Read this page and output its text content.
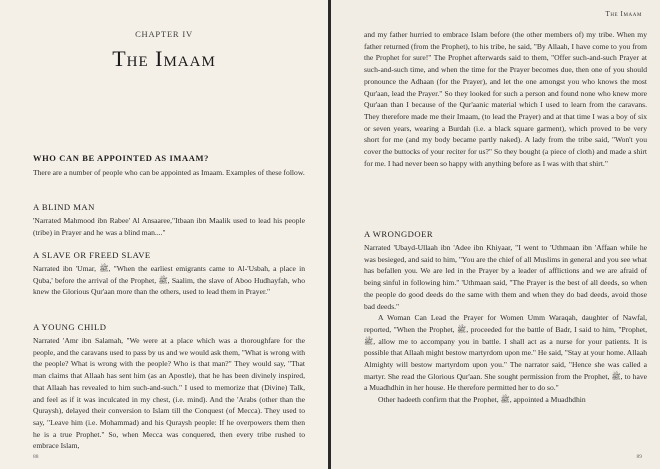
CHAPTER IV
The Imaam
WHO CAN BE APPOINTED AS IMAAM?

There are a number of people who can be appointed as Imaam. Examples of these follow.

A BLIND MAN

'Narrated Mahmood ibn Rabee' Al Ansaaree,"Itbaan ibn Maalik used to lead his people (tribe) in Prayer and he was a blind man...."

A SLAVE OR FREED SLAVE

Narrated ibn 'Umar, ﷺ, "When the earliest emigrants came to Al-'Usbah, a place in Quba,' before the arrival of the Prophet, ﷺ, Saalim, the slave of Aboo Hudhayfah, who knew the Glorious Qur'aan more than the others, used to lead them in Prayer."

A YOUNG CHILD

Narrated 'Amr ibn Salamah, "We were at a place which was a thoroughfare for the people, and the caravans used to pass by us and we would ask them, "What is wrong with the people? What is wrong with the people? Who is that man?" They would say, "That man claims that Allaah has sent him (as an Apostle), that he has been divinely inspired, that Allaah has revealed to him such-and-such." I used to memorize that (Divine) Talk, and feel as if it was inculcated in my chest, (i.e. mind). And the 'Arabs (other than the Quraysh), delayed their conversion to Islam till the Conquest (of Mecca). They used to say, "Leave him (i.e. Mohammad) and his Quraysh people: If he overpowers them then he is a true Prophet." So, when Mecca was conquered, then every tribe rushed to embrace Islam,

88
The Imaam

and my father hurried to embrace Islam before (the other members of) my tribe. When my father returned (from the Prophet), to his tribe, he said, "By Allaah, I have come to you from the Prophet for sure!" The Prophet afterwards said to them, "Offer such-and-such Prayer at such-and-such time, and when the time for the Prayer becomes due, then one of you should pronounce the Adhaan (for the Prayer), and let the one amongst you who knows the most Qur'aan, lead the Prayer." So they looked for such a person and found none who knew more Qur'aan than I because of the Qur'aanic material which I used to learn from the caravans. They therefore made me their Imaam, (to lead the Prayer) and at that time I was a boy of six or seven years, wearing a Burdah (i.e. a black square garment), which proved to be very short for me (and my body became partly naked). A lady from the tribe said, "Won't you cover the buttocks of your reciter for us?" So they bought (a piece of cloth) and made a shirt for me. I had never been so happy with anything before as I was with that shirt."

A WRONGDOER

Narrated 'Ubayd-Ullaah ibn 'Adee ibn Khiyaar, "I went to 'Uthmaan ibn 'Affaan while he was besieged, and said to him, "You are the chief of all Muslims in general and you see what has befallen you. We are led in the Prayer by a leader of afflictions and we are afraid of being sinful in following him." 'Uthmaan said, "The Prayer is the best of all deeds, so when the people do good deeds do the same with them and when they do bad deeds, avoid those bad deeds."

A Woman Can Lead the Prayer for Women Umm Waraqah, daughter of Nawfal, reported, "When the Prophet, ﷺ, proceeded for the battle of Badr, I said to him, "Prophet, ﷺ, allow me to accompany you in battle. I shall act as a nurse for your patients. It is possible that Allaah might bestow martyrdom upon me." He said, "Stay at your home. Allaah Almighty will bestow martyrdom upon you." The narrator said, "Hence she was called a martyr. She read the Glorious Qur'aan. She sought permission from the Prophet, ﷺ, to have a Muadhdhin in her house. He therefore permitted her to do so."

Other hadeeth confirm that the Prophet, ﷺ, appointed a Muadhdhin

89
